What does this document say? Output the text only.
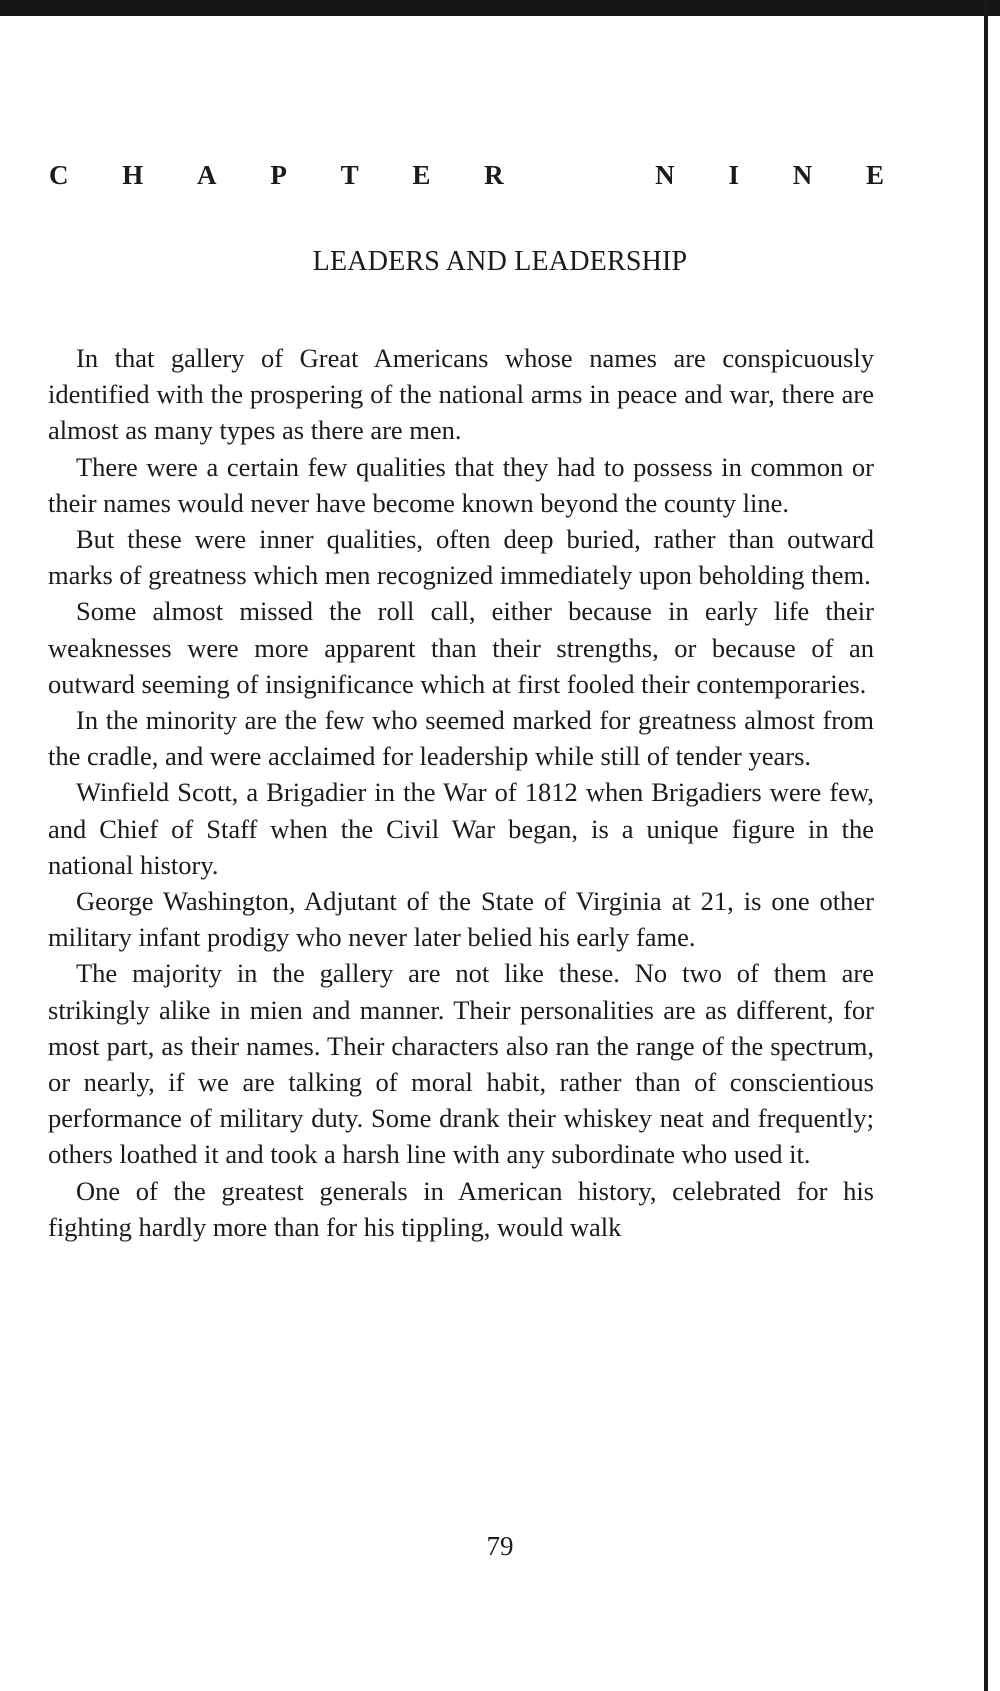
C H A P T E R	N I N E
LEADERS AND LEADERSHIP

In that gallery of Great Americans whose names are conspicuously identified with the prospering of the national arms in peace and war, there are almost as many types as there are men.

There were a certain few qualities that they had to possess in common or their names would never have become known beyond the county line.

But these were inner qualities, often deep buried, rather than outward marks of greatness which men recognized immediately upon beholding them.

Some almost missed the roll call, either because in early life their weaknesses were more apparent than their strengths, or because of an outward seeming of insignificance which at first fooled their contemporaries.

In the minority are the few who seemed marked for greatness almost from the cradle, and were acclaimed for leadership while still of tender years.

Winfield Scott, a Brigadier in the War of 1812 when Brigadiers were few, and Chief of Staff when the Civil War began, is a unique figure in the national history.

George Washington, Adjutant of the State of Virginia at 21, is one other military infant prodigy who never later belied his early fame.

The majority in the gallery are not like these. No two of them are strikingly alike in mien and manner. Their personalities are as different, for most part, as their names. Their characters also ran the range of the spectrum, or nearly, if we are talking of moral habit, rather than of conscientious performance of military duty. Some drank their whiskey neat and frequently; others loathed it and took a harsh line with any subordinate who used it.

One of the greatest generals in American history, celebrated for his fighting hardly more than for his tippling, would walk

79
